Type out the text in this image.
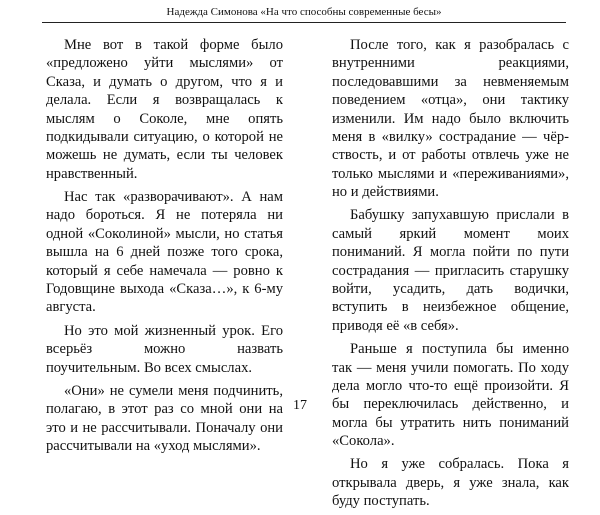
Надежда Симонова «На что способны современные бесы»

Мне вот в такой форме было «предложено уйти мыслями» от Сказа, и думать о другом, что я и делала. Если я возвращалась к мыслям о Соколе, мне опять подкидывали ситуацию, о которой не можешь не думать, если ты человек нравственный.

Нас так «разворачивают». А нам надо бороться. Я не потеряла ни одной «Соколиной» мысли, но статья вышла на 6 дней позже того срока, который я себе намечала — ровно к Годовщине выхода «Сказа…», к 6-му августа.

Но это мой жизненный урок. Его всерьёз можно назвать поучительным. Во всех смыслах.

«Они» не сумели меня подчинить, полагаю, в этот раз со мной они на это и не рассчитывали. Поначалу они рассчитывали на «уход мыслями».

После того, как я разобралась с внутренними реакциями, последовавшими за невменяемым поведением «отца», они тактику изменили. Им надо было включить меня в «вилку» сострадание — чёрствость, и от работы отвлечь уже не только мыслями и «переживаниями», но и действиями.

Бабушку запухавшую прислали в самый яркий момент моих пониманий. Я могла пойти по пути сострадания — пригласить старушку войти, усадить, дать водички, вступить в неизбежное общение, приводя её «в себя».

Раньше я поступила бы именно так — меня учили помогать. По ходу дела могло что-то ещё произойти. Я бы переключилась действенно, и могла бы утратить нить пониманий «Сокола».

Но я уже собралась. Пока я открывала дверь, я уже знала, как буду поступать.

17
